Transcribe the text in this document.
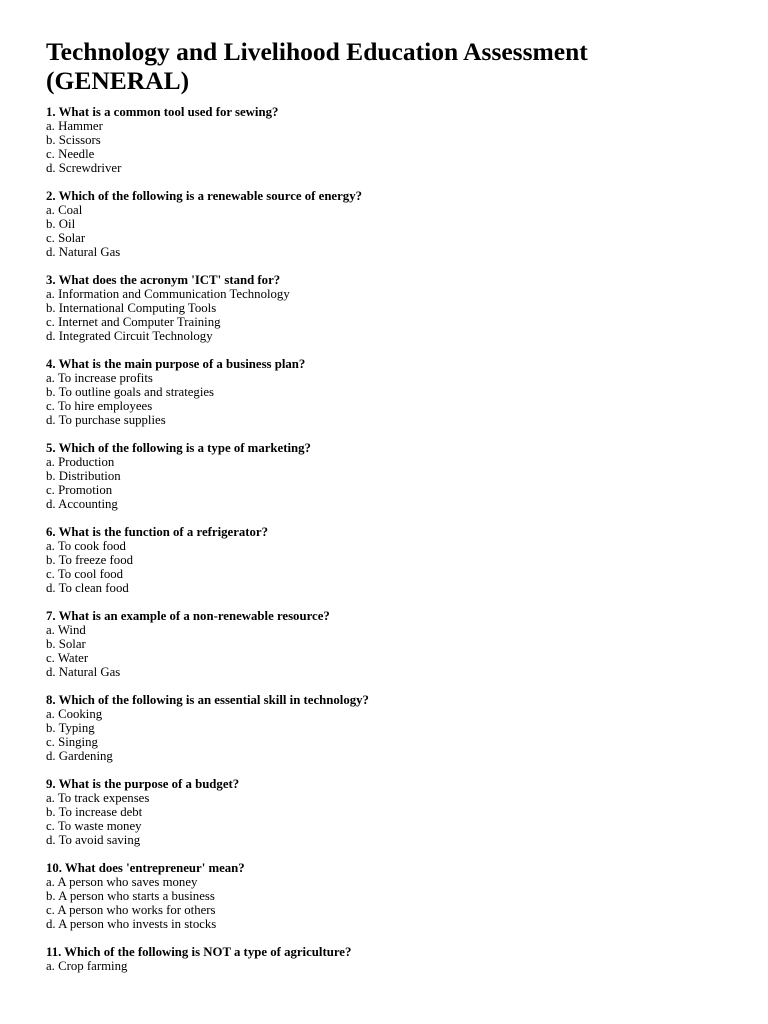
Technology and Livelihood Education Assessment
(GENERAL)
1. What is a common tool used for sewing?
a. Hammer
b. Scissors
c. Needle
d. Screwdriver
2. Which of the following is a renewable source of energy?
a. Coal
b. Oil
c. Solar
d. Natural Gas
3. What does the acronym 'ICT' stand for?
a. Information and Communication Technology
b. International Computing Tools
c. Internet and Computer Training
d. Integrated Circuit Technology
4. What is the main purpose of a business plan?
a. To increase profits
b. To outline goals and strategies
c. To hire employees
d. To purchase supplies
5. Which of the following is a type of marketing?
a. Production
b. Distribution
c. Promotion
d. Accounting
6. What is the function of a refrigerator?
a. To cook food
b. To freeze food
c. To cool food
d. To clean food
7. What is an example of a non-renewable resource?
a. Wind
b. Solar
c. Water
d. Natural Gas
8. Which of the following is an essential skill in technology?
a. Cooking
b. Typing
c. Singing
d. Gardening
9. What is the purpose of a budget?
a. To track expenses
b. To increase debt
c. To waste money
d. To avoid saving
10. What does 'entrepreneur' mean?
a. A person who saves money
b. A person who starts a business
c. A person who works for others
d. A person who invests in stocks
11. Which of the following is NOT a type of agriculture?
a. Crop farming
